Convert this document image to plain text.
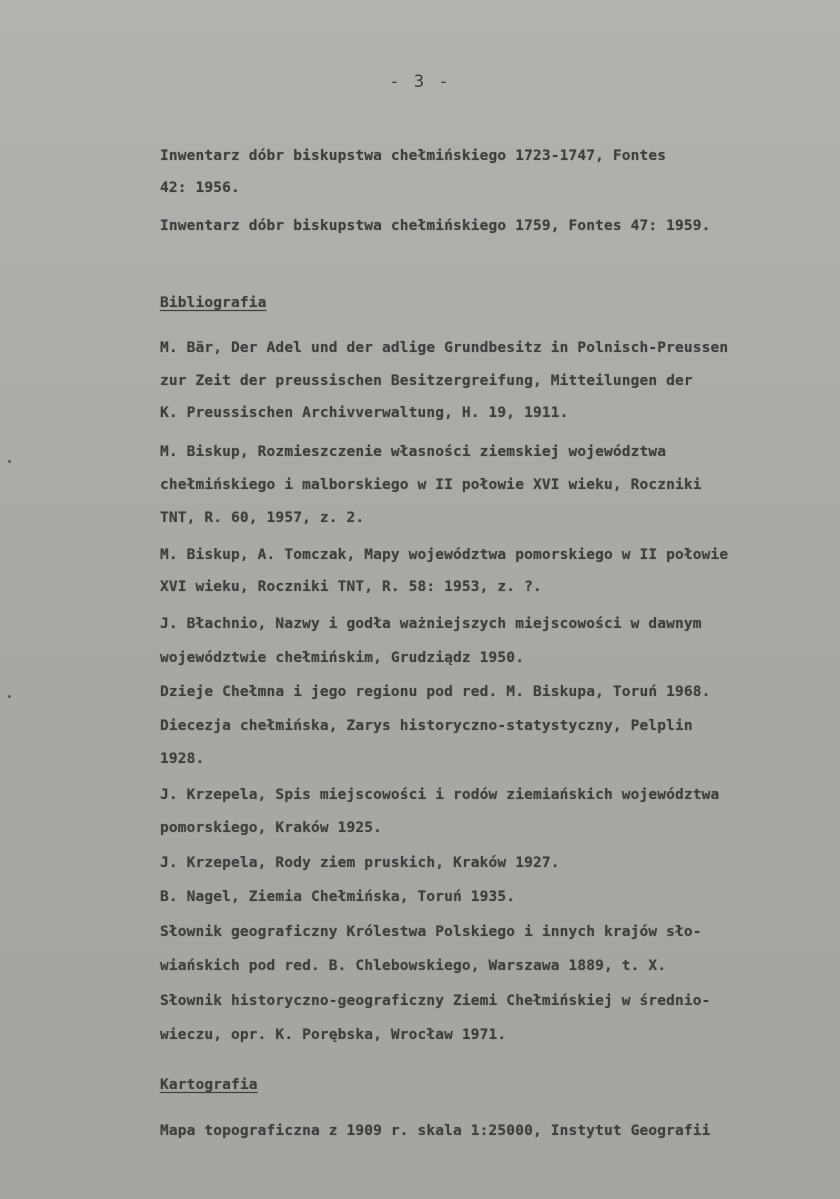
- 3 -
Inwentarz dóbr biskupstwa chełmińskiego 1723-1747, Fontes
42: 1956.
Inwentarz dóbr biskupstwa chełmińskiego 1759, Fontes 47: 1959.
Bibliografia
M. Bär, Der Adel und der adlige Grundbesitz in Polnisch-Preussen
zur Zeit der preussischen Besitzergreifung, Mitteilungen der
K. Preussischen Archivverwaltung, H. 19, 1911.
M. Biskup, Rozmieszczenie własności ziemskiej województwa
chełmińskiego i malborskiego w II połowie XVI wieku, Roczniki
TNT, R. 60, 1957, z. 2.
M. Biskup, A. Tomczak, Mapy województwa pomorskiego w II połowie
XVI wieku, Roczniki TNT, R. 58: 1953, z. ?.
J. Błachnio, Nazwy i godła ważniejszych miejscowości w dawnym
województwie chełmińskim, Grudziądz 1950.
Dzieje Chełmna i jego regionu pod red. M. Biskupa, Toruń 1968.
Diecezja chełmińska, Zarys historyczno-statystyczny, Pelplin
1928.
J. Krzepela, Spis miejscowości i rodów ziemiańskich województwa
pomorskiego, Kraków 1925.
J. Krzepela, Rody ziem pruskich, Kraków 1927.
B. Nagel, Ziemia Chełmińska, Toruń 1935.
Słownik geograficzny Królestwa Polskiego i innych krajów sło-
wiańskich pod red. B. Chlebowskiego, Warszawa 1889, t. X.
Słownik historyczno-geograficzny Ziemi Chełmińskiej w średnio-
wieczu, opr. K. Porębska, Wrocław 1971.
Kartografia
Mapa topograficzna z 1909 r. skala 1:25000, Instytut Geografii
